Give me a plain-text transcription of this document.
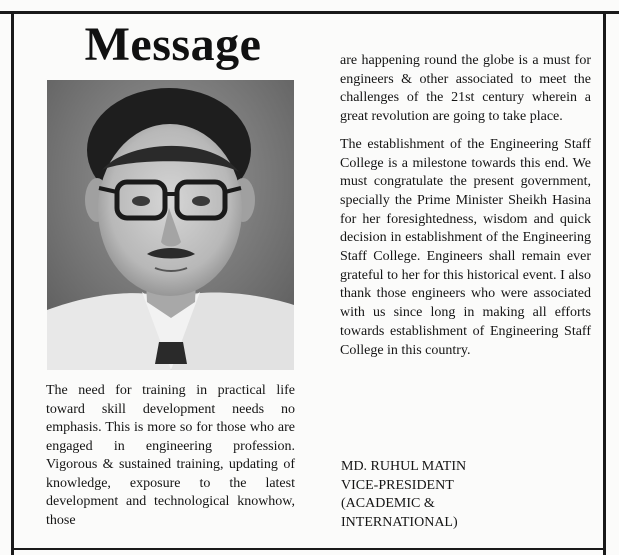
Message

The need for training in practical life toward skill development needs no emphasis. This is more so for those who are engaged in engineering profession. Vigorous & sustained training, updating of knowledge, exposure to the latest development and technological knowhow, those

are happening round the globe is a must for engineers & other associated to meet the challenges of the 21st century wherein a great revolution are going to take place.

The establishment of the Engineering Staff College is a milestone towards this end. We must congratulate the present government, specially the Prime Minister Sheikh Hasina for her foresightedness, wisdom and quick decision in establishment of the Engineering Staff College. Engineers shall remain ever grateful to her for this historical event. I also thank those engineers who were associated with us since long in making all efforts towards establishment of Engineering Staff College in this country.

MD. RUHUL MATIN
VICE-PRESIDENT
(ACADEMIC &
INTERNATIONAL)
